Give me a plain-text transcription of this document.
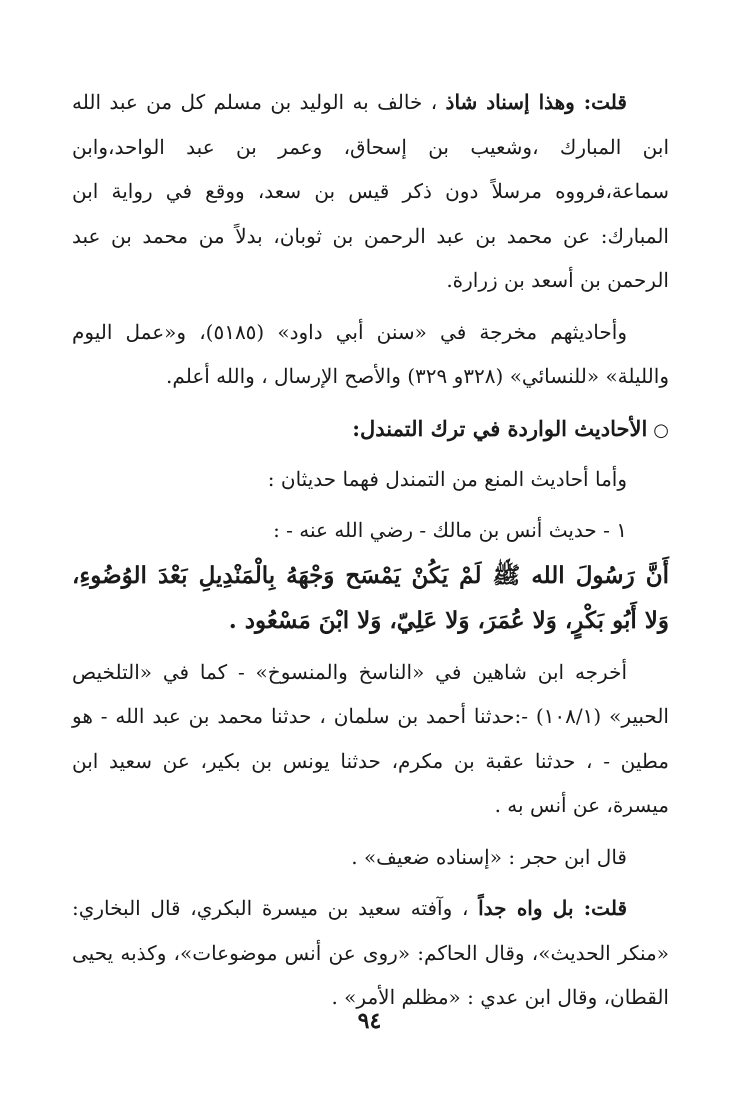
قلت: وهذا إسناد شاذ ، خالف به الوليد بن مسلم كل من عبد الله ابن المبارك ،وشعيب بن إسحاق، وعمر بن عبد الواحد،وابن سماعة،فرووه مرسلاً دون ذكر قيس بن سعد، ووقع في رواية ابن المبارك: عن محمد بن عبد الرحمن بن ثوبان، بدلاً من محمد بن عبد الرحمن بن أسعد بن زرارة.

وأحاديثهم مخرجة في «سنن أبي داود» (٥١٨٥)، و«عمل اليوم والليلة» «للنسائي» (٣٢٨و ٣٢٩) والأصح الإرسال ، والله أعلم.

○الأحاديث الواردة في ترك التمندل:

وأما أحاديث المنع من التمندل فهما حديثان :

١ - حديث أنس بن مالك - رضي الله عنه - :

أَنَّ رَسُولَ الله ﷺ لَمْ يَكُنْ يَمْسَح وَجْهَهُ بِالْمَنْدِيلِ بَعْدَ الوُضُوءِ، وَلا أَبُو بَكْرٍ، وَلا عُمَرَ، وَلا عَلِيّ، وَلا ابْنَ مَسْعُود .

أخرجه ابن شاهين في «الناسخ والمنسوخ» - كما في «التلخيص الحبير» (١٠٨/١) -:حدثنا أحمد بن سلمان ، حدثنا محمد بن عبد الله - هو مطين - ، حدثنا عقبة بن مكرم، حدثنا يونس بن بكير، عن سعيد ابن ميسرة، عن أنس به .

قال ابن حجر : «إسناده ضعيف» .

قلت: بل واه جداً ، وآفته سعيد بن ميسرة البكري، قال البخاري: «منكر الحديث»، وقال الحاكم: «روى عن أنس موضوعات»، وكذبه يحيى القطان، وقال ابن عدي : «مظلم الأمر» .

٩٤
